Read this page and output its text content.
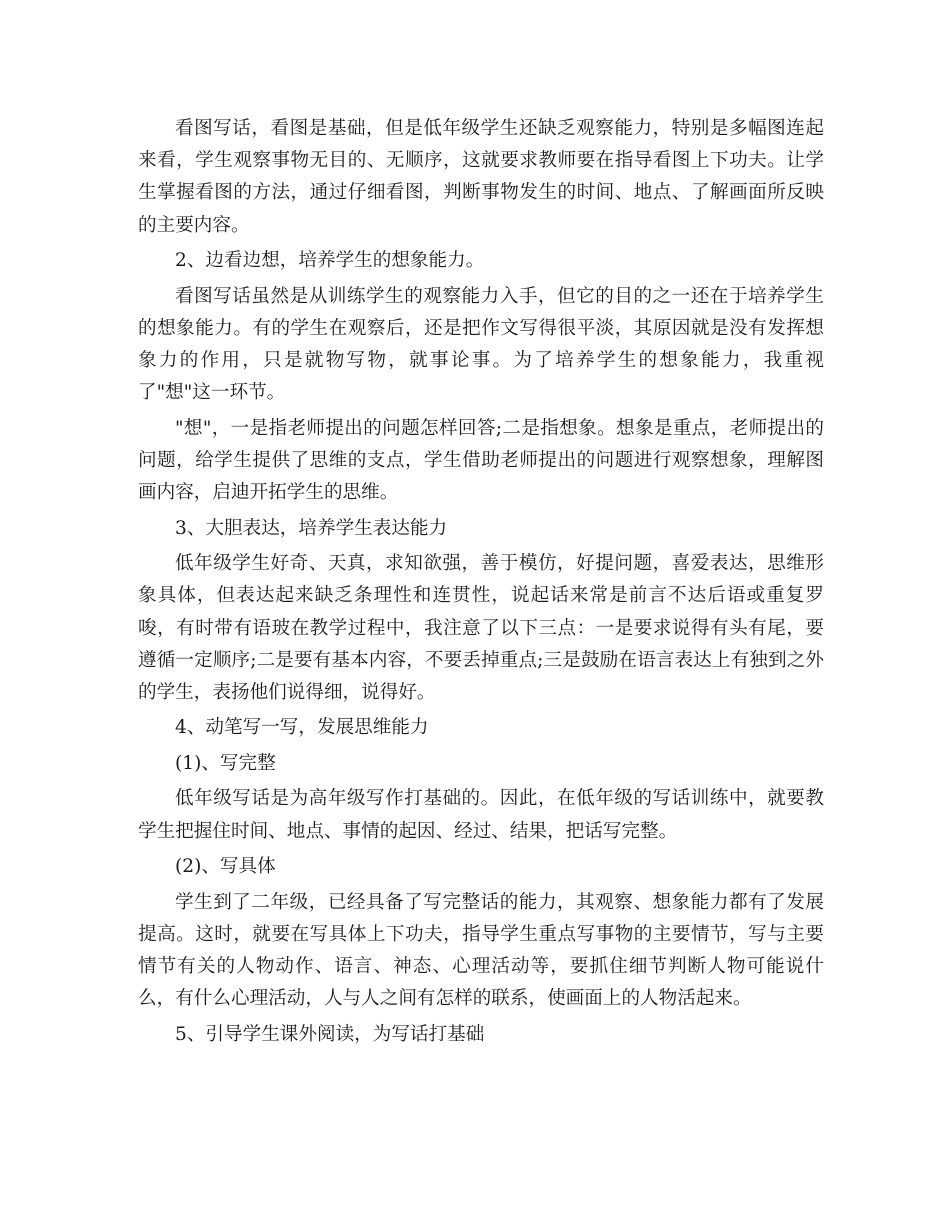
看图写话，看图是基础，但是低年级学生还缺乏观察能力，特别是多幅图连起来看，学生观察事物无目的、无顺序，这就要求教师要在指导看图上下功夫。让学生掌握看图的方法，通过仔细看图，判断事物发生的时间、地点、了解画面所反映的主要内容。

2、边看边想，培养学生的想象能力。

看图写话虽然是从训练学生的观察能力入手，但它的目的之一还在于培养学生的想象能力。有的学生在观察后，还是把作文写得很平淡，其原因就是没有发挥想象力的作用，只是就物写物，就事论事。为了培养学生的想象能力，我重视了"想"这一环节。

"想"，一是指老师提出的问题怎样回答;二是指想象。想象是重点，老师提出的问题，给学生提供了思维的支点，学生借助老师提出的问题进行观察想象，理解图画内容，启迪开拓学生的思维。

3、大胆表达，培养学生表达能力

低年级学生好奇、天真，求知欲强，善于模仿，好提问题，喜爱表达，思维形象具体，但表达起来缺乏条理性和连贯性，说起话来常是前言不达后语或重复罗唆，有时带有语玻在教学过程中，我注意了以下三点：一是要求说得有头有尾，要遵循一定顺序;二是要有基本内容，不要丢掉重点;三是鼓励在语言表达上有独到之外的学生，表扬他们说得细，说得好。

4、动笔写一写，发展思维能力

(1)、写完整

低年级写话是为高年级写作打基础的。因此，在低年级的写话训练中，就要教学生把握住时间、地点、事情的起因、经过、结果，把话写完整。

(2)、写具体

学生到了二年级，已经具备了写完整话的能力，其观察、想象能力都有了发展提高。这时，就要在写具体上下功夫，指导学生重点写事物的主要情节，写与主要情节有关的人物动作、语言、神态、心理活动等，要抓住细节判断人物可能说什么，有什么心理活动，人与人之间有怎样的联系，使画面上的人物活起来。

5、引导学生课外阅读，为写话打基础
